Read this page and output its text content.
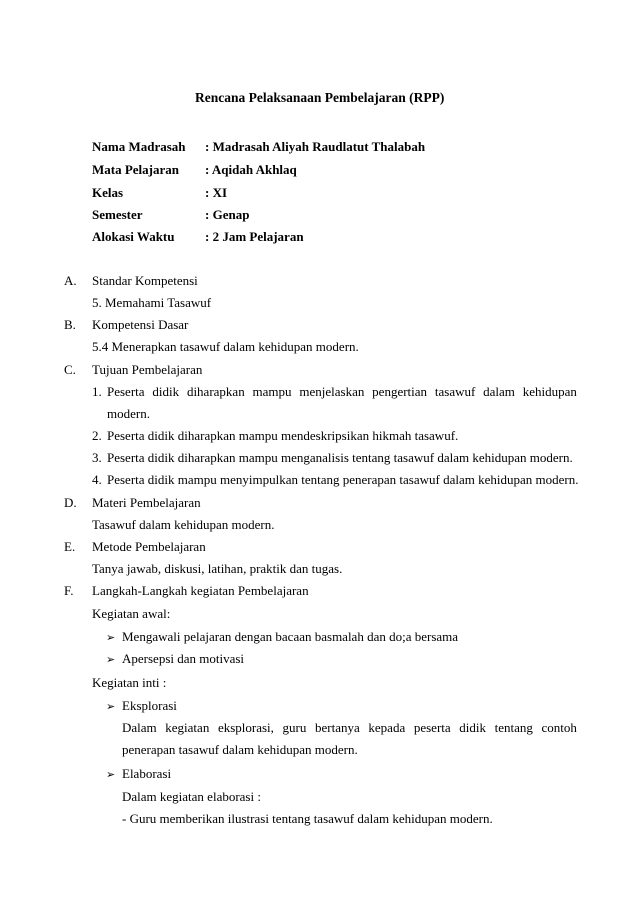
Rencana Pelaksanaan Pembelajaran (RPP)
Nama Madrasah : Madrasah Aliyah Raudlatut Thalabah
Mata Pelajaran : Aqidah Akhlaq
Kelas	: XI
Semester	: Genap
Alokasi Waktu : 2 Jam Pelajaran
A. Standar Kompetensi
5. Memahami Tasawuf
B. Kompetensi Dasar
5.4 Menerapkan tasawuf dalam kehidupan modern.
C. Tujuan Pembelajaran
1. Peserta didik diharapkan mampu menjelaskan pengertian tasawuf dalam kehidupan
modern.
2. Peserta didik diharapkan mampu mendeskripsikan hikmah tasawuf.
3. Peserta didik diharapkan mampu menganalisis tentang tasawuf dalam kehidupan modern.
4. Peserta didik mampu menyimpulkan tentang penerapan tasawuf dalam kehidupan modern.
D. Materi Pembelajaran
Tasawuf dalam kehidupan modern.
E. Metode Pembelajaran
Tanya jawab, diskusi, latihan, praktik dan tugas.
F. Langkah-Langkah kegiatan Pembelajaran
Kegiatan awal:
➢ Mengawali pelajaran dengan bacaan basmalah dan do;a bersama
➢ Apersepsi dan motivasi
Kegiatan inti :
➢ Eksplorasi
Dalam kegiatan eksplorasi, guru bertanya kepada peserta didik tentang contoh
penerapan tasawuf dalam kehidupan modern.
➢ Elaborasi
Dalam kegiatan elaborasi :
- Guru memberikan ilustrasi tentang tasawuf dalam kehidupan modern.
